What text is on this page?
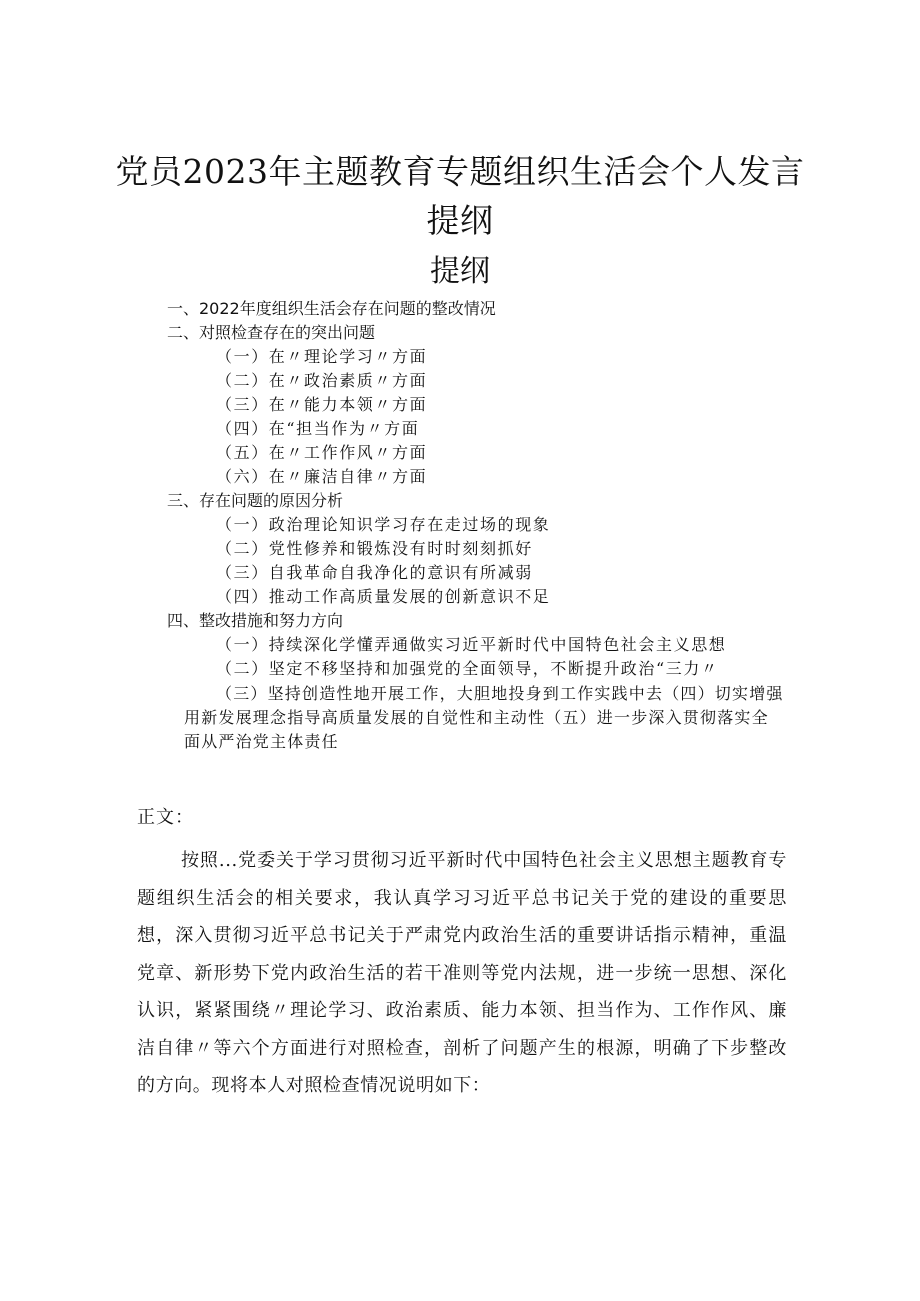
党员2023年主题教育专题组织生活会个人发言
提纲
提纲
一、2022年度组织生活会存在问题的整改情况
二、对照检查存在的突出问题
（一）在〃理论学习〃方面
（二）在〃政治素质〃方面
（三）在〃能力本领〃方面
（四）在“担当作为〃方面
（五）在〃工作作风〃方面
（六）在〃廉洁自律〃方面
三、存在问题的原因分析
（一）政治理论知识学习存在走过场的现象
（二）党性修养和锻炼没有时时刻刻抓好
（三）自我革命自我净化的意识有所减弱
（四）推动工作高质量发展的创新意识不足
四、整改措施和努力方向
（一）持续深化学懂弄通做实习近平新时代中国特色社会主义思想
（二）坚定不移坚持和加强党的全面领导，不断提升政治“三力〃
（三）坚持创造性地开展工作，大胆地投身到工作实践中去（四）切实增强用新发展理念指导高质量发展的自觉性和主动性（五）进一步深入贯彻落实全面从严治党主体责任
正文：
按照...党委关于学习贯彻习近平新时代中国特色社会主义思想主题教育专题组织生活会的相关要求，我认真学习习近平总书记关于党的建设的重要思想，深入贯彻习近平总书记关于严肃党内政治生活的重要讲话指示精神，重温党章、新形势下党内政治生活的若干准则等党内法规，进一步统一思想、深化认识，紧紧围绕〃理论学习、政治素质、能力本领、担当作为、工作作风、廉洁自律〃等六个方面进行对照检查，剖析了问题产生的根源，明确了下步整改的方向。现将本人对照检查情况说明如下：
